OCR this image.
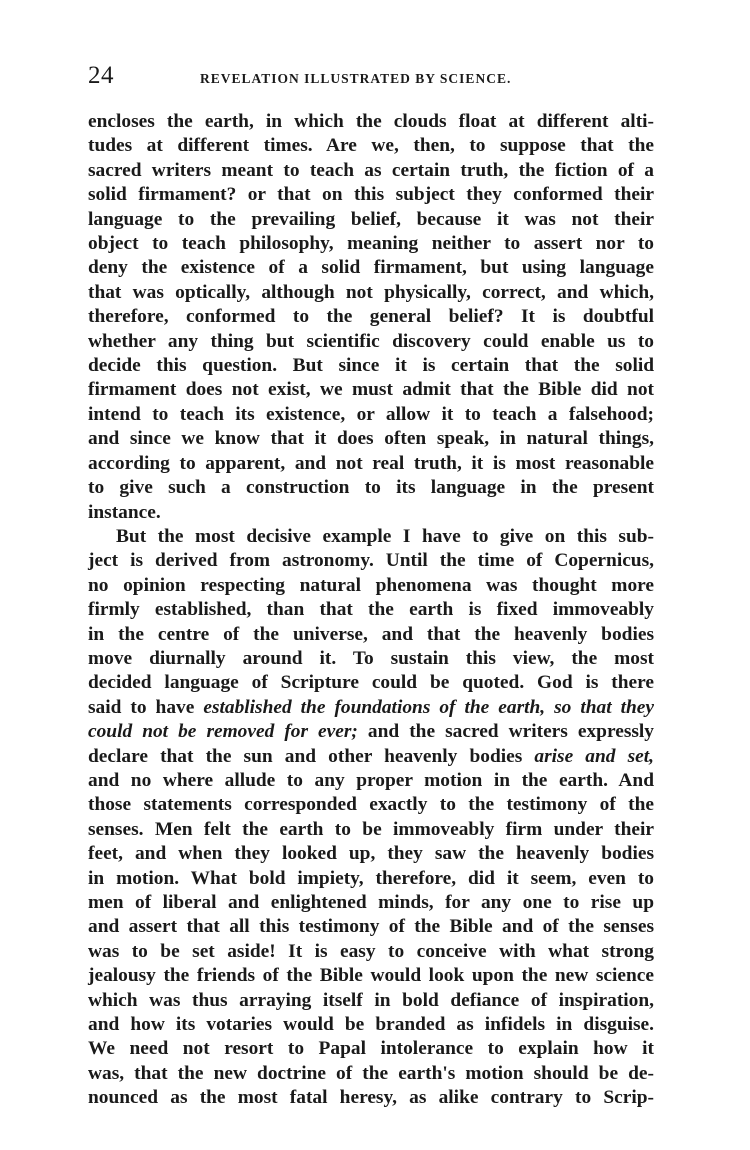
24	REVELATION ILLUSTRATED BY SCIENCE.
encloses the earth, in which the clouds float at different alti-
tudes at different times. Are we, then, to suppose that the
sacred writers meant to teach as certain truth, the fiction of a
solid firmament? or that on this subject they conformed their
language to the prevailing belief, because it was not their
object to teach philosophy, meaning neither to assert nor to
deny the existence of a solid firmament, but using language
that was optically, although not physically, correct, and which,
therefore, conformed to the general belief? It is doubtful
whether any thing but scientific discovery could enable us to
decide this question. But since it is certain that the solid
firmament does not exist, we must admit that the Bible did not
intend to teach its existence, or allow it to teach a falsehood;
and since we know that it does often speak, in natural things,
according to apparent, and not real truth, it is most reasonable
to give such a construction to its language in the present
instance.
But the most decisive example I have to give on this sub-
ject is derived from astronomy. Until the time of Copernicus,
no opinion respecting natural phenomena was thought more
firmly established, than that the earth is fixed immoveably
in the centre of the universe, and that the heavenly bodies
move diurnally around it. To sustain this view, the most
decided language of Scripture could be quoted. God is there
said to have established the foundations of the earth, so that they
could not be removed for ever; and the sacred writers expressly
declare that the sun and other heavenly bodies arise and set,
and no where allude to any proper motion in the earth. And
those statements corresponded exactly to the testimony of the
senses. Men felt the earth to be immoveably firm under their
feet, and when they looked up, they saw the heavenly bodies
in motion. What bold impiety, therefore, did it seem, even to
men of liberal and enlightened minds, for any one to rise up
and assert that all this testimony of the Bible and of the senses
was to be set aside! It is easy to conceive with what strong
jealousy the friends of the Bible would look upon the new science
which was thus arraying itself in bold defiance of inspiration,
and how its votaries would be branded as infidels in disguise.
We need not resort to Papal intolerance to explain how it
was, that the new doctrine of the earth's motion should be de-
nounced as the most fatal heresy, as alike contrary to Scrip-
